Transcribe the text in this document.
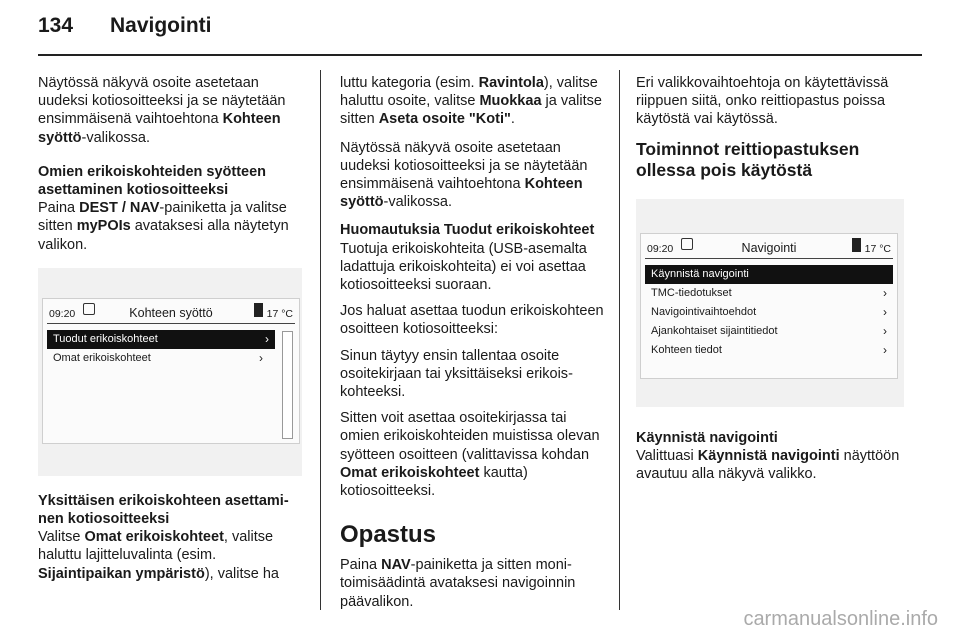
134 Navigointi

Näytössä näkyvä osoite asetetaan uudeksi kotiosoitteeksi ja se näytetään ensimmäisenä vaihtoehtona Kohteen syöttö-valikossa.

Omien erikoiskohteiden syötteen asettaminen kotiosoitteeksi
Paina DEST / NAV-painiketta ja valitse sitten myPOIs avataksesi alla näytetyn valikon.
09:20	Kohteen syöttö	17 °C
Tuodut erikoiskohteet	›
Omat erikoiskohteet	›
Yksittäisen erikoiskohteen asettaminen kotiosoitteeksi
Valitse Omat erikoiskohteet, valitse haluttu lajitteluvalinta (esim. Sijaintipaikan ympäristö), valitse ha

luttu kategoria (esim. Ravintola), valitse haluttu osoite, valitse Muokkaa ja valitse sitten Aseta osoite "Koti".

Näytössä näkyvä osoite asetetaan uudeksi kotiosoitteeksi ja se näytetään ensimmäisenä vaihtoehtona Kohteen syöttö-valikossa.

Huomautuksia Tuodut erikoiskohteet
Tuotuja erikoiskohteita (USB-asemalta ladattuja erikoiskohteita) ei voi asettaa kotiosoitteeksi suoraan.

Jos haluat asettaa tuodun erikoiskohteen osoitteen kotiosoitteeksi:

Sinun täytyy ensin tallentaa osoite osoitekirjaan tai yksittäiseksi erikoiskohteeksi.

Sitten voit asettaa osoitekirjassa tai omien erikoiskohteiden muistissa olevan syötteen osoitteen (valittavissa kohdan Omat erikoiskohteet kautta) kotiosoitteeksi.

Opastus

Paina NAV-painiketta ja sitten monitoimisäädintä avataksesi navigoinnin päävalikon.

Eri valikkovaihtoehtoja on käytettävissä riippuen siitä, onko reittiopastus poissa käytöstä vai käytössä.

Toiminnot reittiopastuksen ollessa pois käytöstä
09:20	Navigointi	17 °C
Käynnistä navigointi
TMC-tiedotukset	›
Navigointivaihtoehdot	›
Ajankohtaiset sijaintitiedot	›
Kohteen tiedot	›
Käynnistä navigointi
Valittuasi Käynnistä navigointi näyttöön avautuu alla näkyvä valikko.
carmanualsonline.info
